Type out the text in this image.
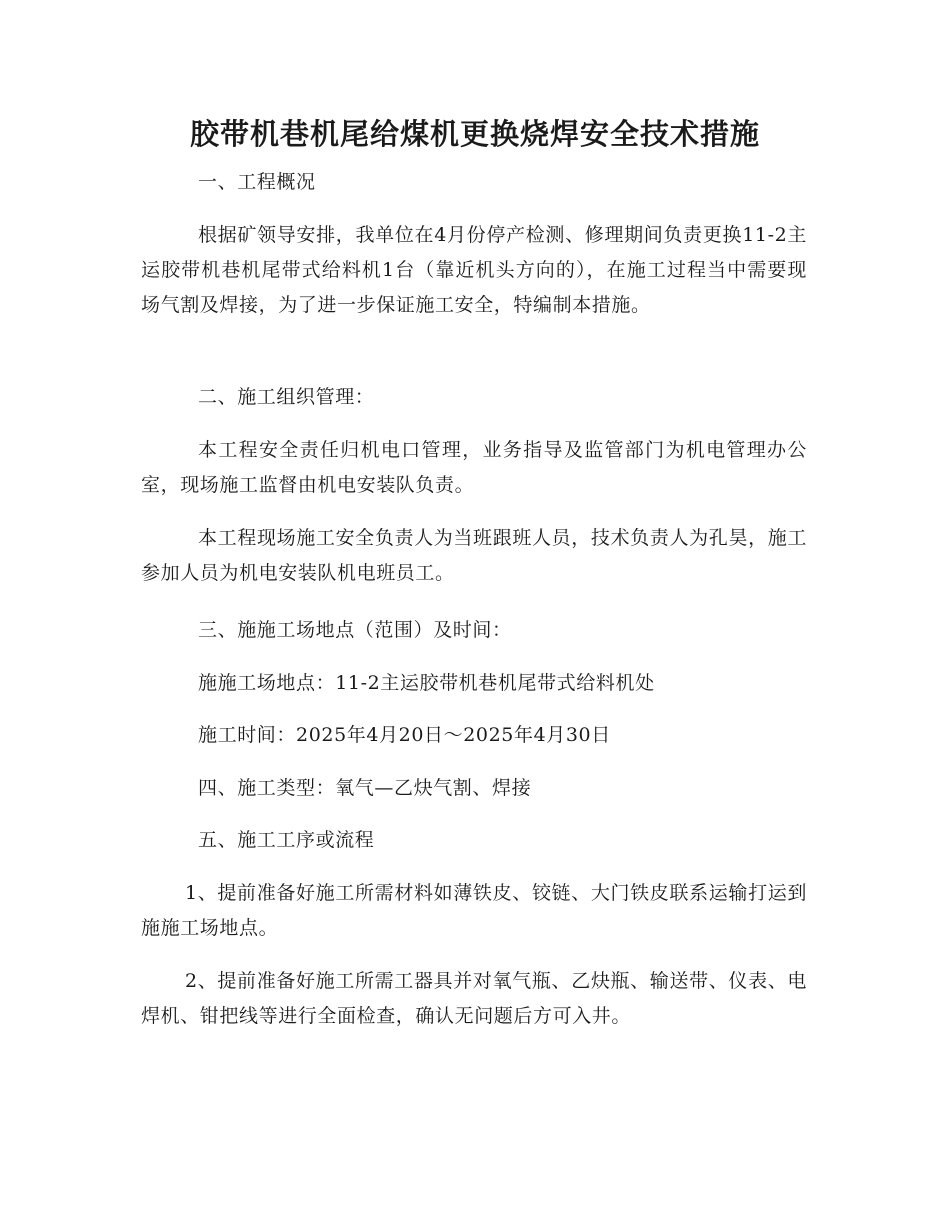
胶带机巷机尾给煤机更换烧焊安全技术措施

一、工程概况

根据矿领导安排，我单位在4月份停产检测、修理期间负责更换11-2主运胶带机巷机尾带式给料机1台（靠近机头方向的），在施工过程当中需要现场气割及焊接，为了进一步保证施工安全，特编制本措施。

二、施工组织管理：

本工程安全责任归机电口管理，业务指导及监管部门为机电管理办公室，现场施工监督由机电安装队负责。

本工程现场施工安全负责人为当班跟班人员，技术负责人为孔昊，施工参加人员为机电安装队机电班员工。

三、施施工场地点（范围）及时间：

施施工场地点：11-2主运胶带机巷机尾带式给料机处

施工时间：2025年4月20日～2025年4月30日

四、施工类型：氧气—乙炔气割、焊接

五、施工工序或流程

1、提前准备好施工所需材料如薄铁皮、铰链、大门铁皮联系运输打运到施施工场地点。

2、提前准备好施工所需工器具并对氧气瓶、乙炔瓶、输送带、仪表、电焊机、钳把线等进行全面检查，确认无问题后方可入井。
